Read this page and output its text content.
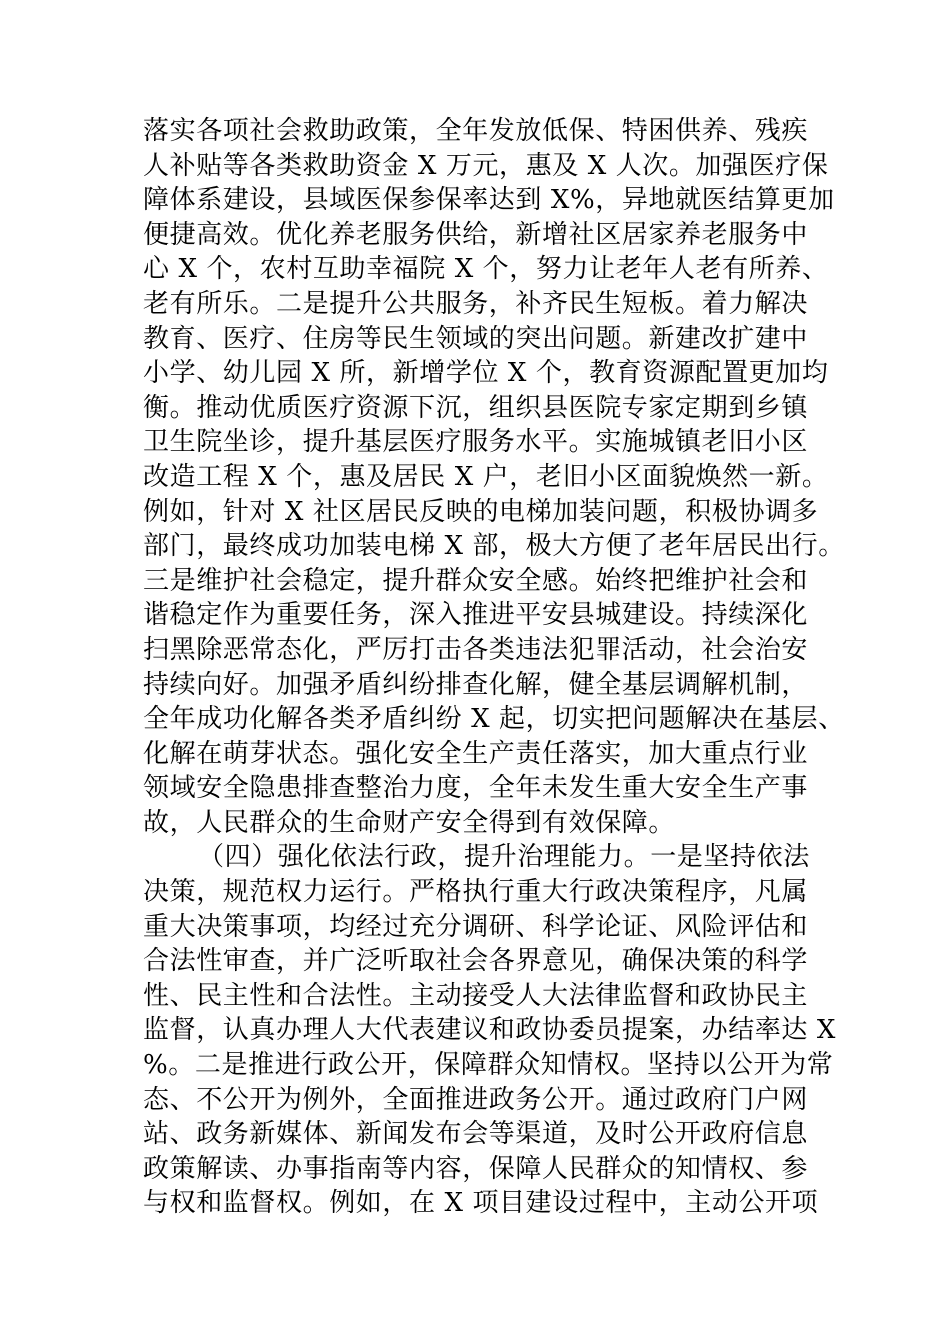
落实各项社会救助政策，全年发放低保、特困供养、残疾
人补贴等各类救助资金 X 万元，惠及 X 人次。加强医疗保
障体系建设，县域医保参保率达到 X%，异地就医结算更加
便捷高效。优化养老服务供给，新增社区居家养老服务中
心 X 个，农村互助幸福院 X 个，努力让老年人老有所养、
老有所乐。二是提升公共服务，补齐民生短板。着力解决
教育、医疗、住房等民生领域的突出问题。新建改扩建中
小学、幼儿园 X 所，新增学位 X 个，教育资源配置更加均
衡。推动优质医疗资源下沉，组织县医院专家定期到乡镇
卫生院坐诊，提升基层医疗服务水平。实施城镇老旧小区
改造工程 X 个，惠及居民 X 户，老旧小区面貌焕然一新。
例如，针对 X 社区居民反映的电梯加装问题，积极协调多
部门，最终成功加装电梯 X 部，极大方便了老年居民出行。
三是维护社会稳定，提升群众安全感。始终把维护社会和
谐稳定作为重要任务，深入推进平安县城建设。持续深化
扫黑除恶常态化，严厉打击各类违法犯罪活动，社会治安
持续向好。加强矛盾纠纷排查化解，健全基层调解机制，
全年成功化解各类矛盾纠纷 X 起，切实把问题解决在基层、
化解在萌芽状态。强化安全生产责任落实，加大重点行业
领域安全隐患排查整治力度，全年未发生重大安全生产事
故，人民群众的生命财产安全得到有效保障。
（四）强化依法行政，提升治理能力。一是坚持依法
决策，规范权力运行。严格执行重大行政决策程序，凡属
重大决策事项，均经过充分调研、科学论证、风险评估和
合法性审查，并广泛听取社会各界意见，确保决策的科学
性、民主性和合法性。主动接受人大法律监督和政协民主
监督，认真办理人大代表建议和政协委员提案，办结率达 X
%。二是推进行政公开，保障群众知情权。坚持以公开为常
态、不公开为例外，全面推进政务公开。通过政府门户网
站、政务新媒体、新闻发布会等渠道，及时公开政府信息
政策解读、办事指南等内容，保障人民群众的知情权、参
与权和监督权。例如，在 X 项目建设过程中，主动公开项
